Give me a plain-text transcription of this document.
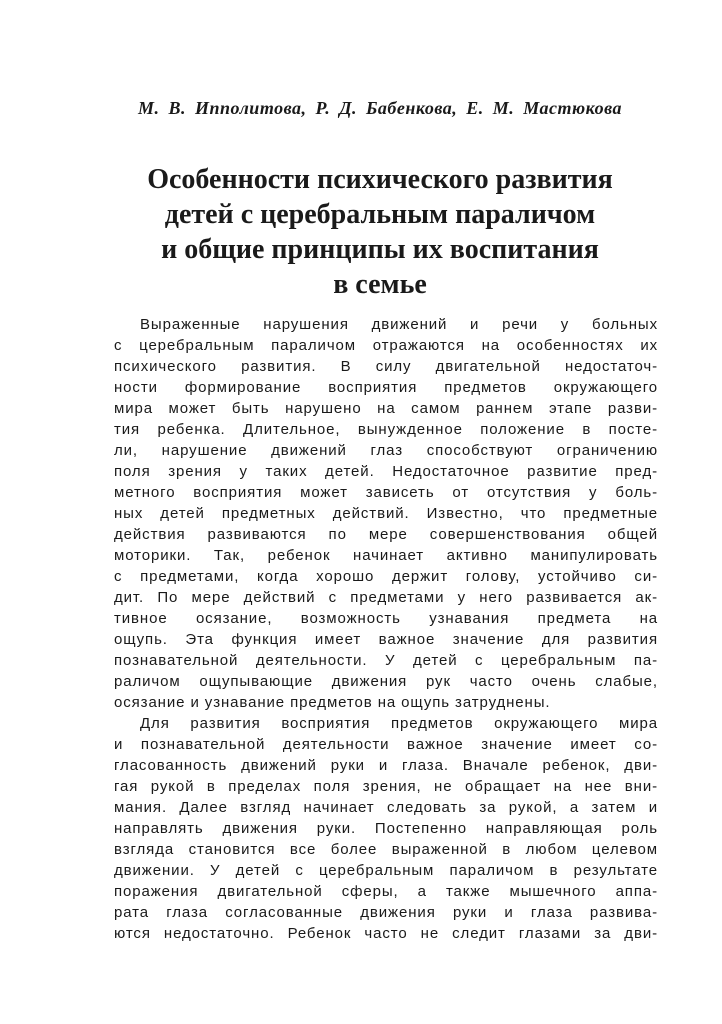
М. В. Ипполитова, Р. Д. Бабенкова, Е. М. Мастюкова
Особенности психического развития
детей с церебральным параличом
и общие принципы их воспитания
в семье
Выраженные нарушения движений и речи у больных
с церебральным параличом отражаются на особенностях их
психического развития. В силу двигательной недостаточ-
ности формирование восприятия предметов окружающего
мира может быть нарушено на самом раннем этапе разви-
тия ребенка. Длительное, вынужденное положение в посте-
ли, нарушение движений глаз способствуют ограничению
поля зрения у таких детей. Недостаточное развитие пред-
метного восприятия может зависеть от отсутствия у боль-
ных детей предметных действий. Известно, что предметные
действия развиваются по мере совершенствования общей
моторики. Так, ребенок начинает активно манипулировать
с предметами, когда хорошо держит голову, устойчиво си-
дит. По мере действий с предметами у него развивается ак-
тивное осязание, возможность узнавания предмета на
ощупь. Эта функция имеет важное значение для развития
познавательной деятельности. У детей с церебральным па-
раличом ощупывающие движения рук часто очень слабые,
осязание и узнавание предметов на ощупь затруднены.
Для развития восприятия предметов окружающего мира
и познавательной деятельности важное значение имеет со-
гласованность движений руки и глаза. Вначале ребенок, дви-
гая рукой в пределах поля зрения, не обращает на нее вни-
мания. Далее взгляд начинает следовать за рукой, а затем и
направлять движения руки. Постепенно направляющая роль
взгляда становится все более выраженной в любом целевом
движении. У детей с церебральным параличом в результате
поражения двигательной сферы, а также мышечного аппа-
рата глаза согласованные движения руки и глаза развива-
ются недостаточно. Ребенок часто не следит глазами за дви-
